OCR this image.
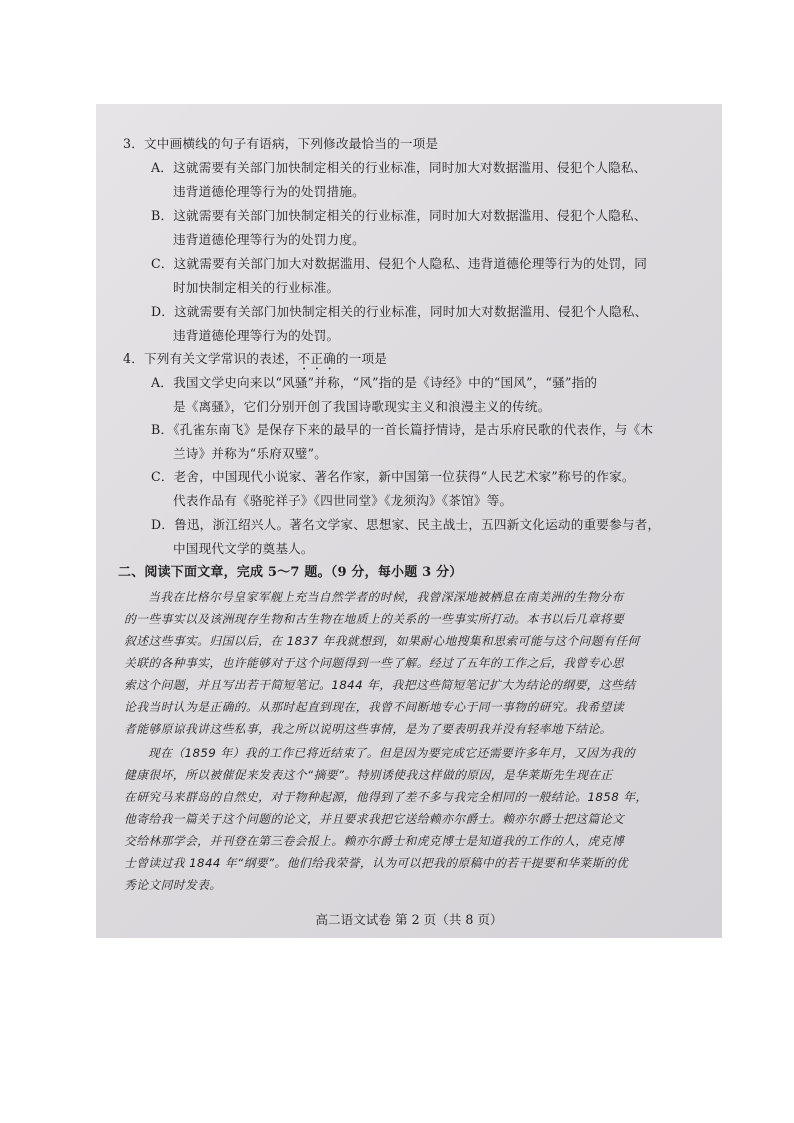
3．文中画横线的句子有语病，下列修改最恰当的一项是
A．这就需要有关部门加快制定相关的行业标准，同时加大对数据滥用、侵犯个人隐私、
违背道德伦理等行为的处罚措施。
B．这就需要有关部门加快制定相关的行业标准，同时加大对数据滥用、侵犯个人隐私、
违背道德伦理等行为的处罚力度。
C．这就需要有关部门加大对数据滥用、侵犯个人隐私、违背道德伦理等行为的处罚，同
时加快制定相关的行业标准。
D．这就需要有关部门加快制定相关的行业标准，同时加大对数据滥用、侵犯个人隐私、
违背道德伦理等行为的处罚。
4．下列有关文学常识的表述，不正确的一项是
A．我国文学史向来以“风骚”并称，“风”指的是《诗经》中的“国风”，“骚”指的
是《离骚》，它们分别开创了我国诗歌现实主义和浪漫主义的传统。
B．《孔雀东南飞》是保存下来的最早的一首长篇抒情诗，是古乐府民歌的代表作，与《木
兰诗》并称为“乐府双璧”。
C．老舍，中国现代小说家、著名作家，新中国第一位获得“人民艺术家”称号的作家。
代表作品有《骆驼祥子》《四世同堂》《龙须沟》《茶馆》等。
D．鲁迅，浙江绍兴人。著名文学家、思想家、民主战士，五四新文化运动的重要参与者，
中国现代文学的奠基人。
二、阅读下面文章，完成 5～7 题。（9 分，每小题 3 分）
当我在比格尔号皇家军舰上充当自然学者的时候，我曾深深地被栖息在南美洲的生物分布
的一些事实以及该洲现存生物和古生物在地质上的关系的一些事实所打动。本书以后几章将要
叙述这些事实。归国以后，在 1837 年我就想到，如果耐心地搜集和思索可能与这个问题有任何
关联的各种事实，也许能够对于这个问题得到一些了解。经过了五年的工作之后，我曾专心思
索这个问题，并且写出若干简短笔记。1844 年，我把这些简短笔记扩大为结论的纲要，这些结
论我当时认为是正确的。从那时起直到现在，我曾不间断地专心于同一事物的研究。我希望读
者能够原谅我讲这些私事，我之所以说明这些事情，是为了要表明我并没有轻率地下结论。
现在（1859 年）我的工作已将近结束了。但是因为要完成它还需要许多年月，又因为我的
健康很坏，所以被催促来发表这个“摘要”。特别诱使我这样做的原因，是华莱斯先生现在正
在研究马来群岛的自然史，对于物种起源，他得到了差不多与我完全相同的一般结论。1858 年，
他寄给我一篇关于这个问题的论文，并且要求我把它送给赖亦尔爵士。赖亦尔爵士把这篇论文
交给林那学会，并刊登在第三卷会报上。赖亦尔爵士和虎克博士是知道我的工作的人，虎克博
士曾读过我 1844 年“纲要”。他们给我荣誉，认为可以把我的原稿中的若干提要和华莱斯的优
秀论文同时发表。
高二语文试卷 第 2 页（共 8 页）
